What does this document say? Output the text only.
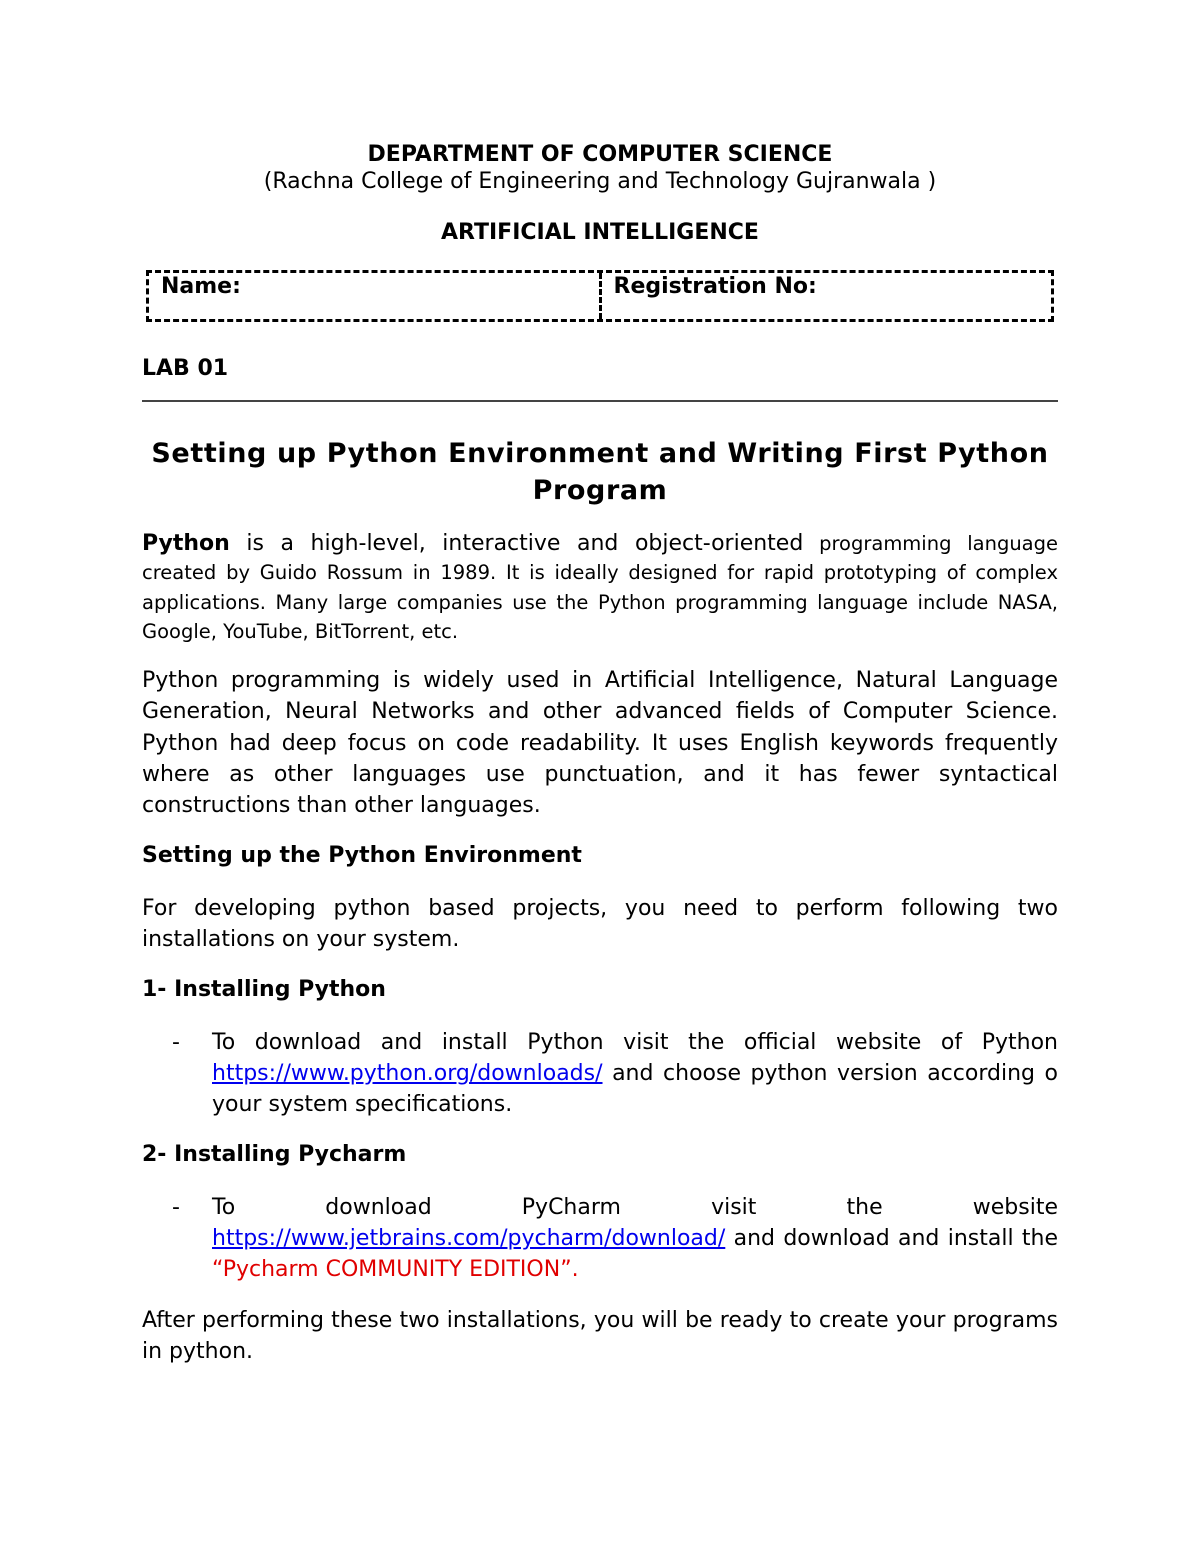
DEPARTMENT OF COMPUTER SCIENCE
(Rachna College of Engineering and Technology Gujranwala )
ARTIFICIAL INTELLIGENCE
Name:	Registration No:
LAB 01
Setting up Python Environment and Writing First Python Program
Python is a high-level, interactive and object-oriented programming language created by Guido Rossum in 1989. It is ideally designed for rapid prototyping of complex applications. Many large companies use the Python programming language include NASA, Google, YouTube, BitTorrent, etc.
Python programming is widely used in Artificial Intelligence, Natural Language Generation, Neural Networks and other advanced fields of Computer Science. Python had deep focus on code readability. It uses English keywords frequently where as other languages use punctuation, and it has fewer syntactical constructions than other languages.
Setting up the Python Environment
For developing python based projects, you need to perform following two installations on your system.
1- Installing Python
- To download and install Python visit the official website of Python https://www.python.org/downloads/ and choose python version according o your system specifications.
2- Installing Pycharm
- To download PyCharm visit the website https://www.jetbrains.com/pycharm/download/ and download and install the “Pycharm COMMUNITY EDITION”.
After performing these two installations, you will be ready to create your programs in python.
